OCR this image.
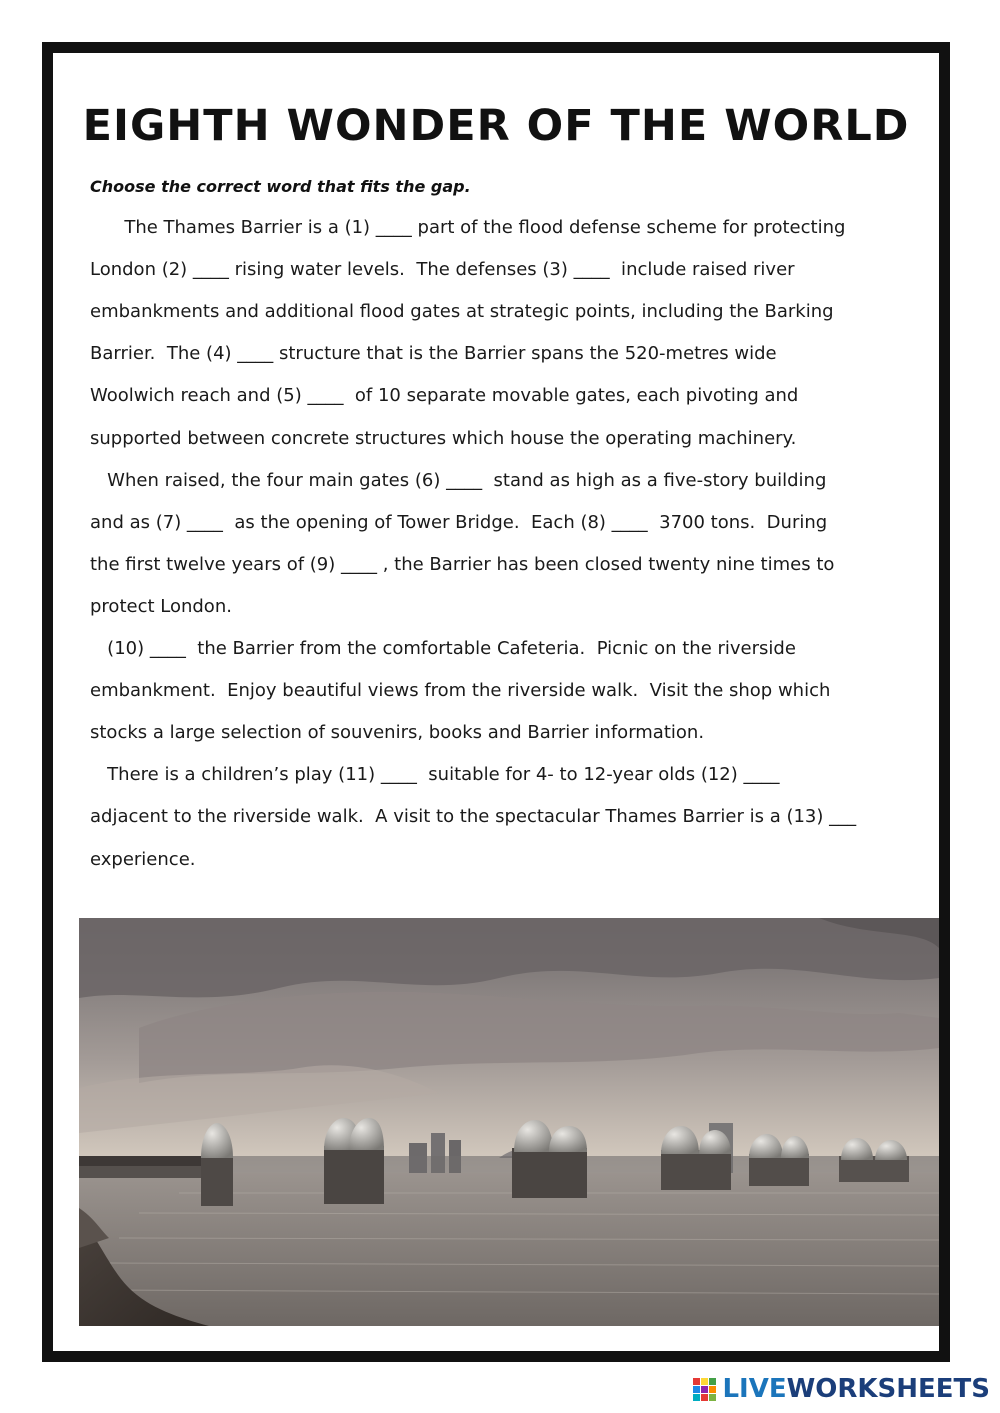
EIGHTH WONDER OF THE WORLD
Choose the correct word that fits the gap.
The Thames Barrier is a (1) ____ part of the flood defense scheme for protecting
London (2) ____ rising water levels.  The defenses (3) ____  include raised river
embankments and additional flood gates at strategic points, including the Barking
Barrier.  The (4) ____ structure that is the Barrier spans the 520-metres wide
Woolwich reach and (5) ____  of 10 separate movable gates, each pivoting and
supported between concrete structures which house the operating machinery.
When raised, the four main gates (6) ____  stand as high as a five-story building
and as (7) ____  as the opening of Tower Bridge.  Each (8) ____  3700 tons.  During
the first twelve years of (9) ____ , the Barrier has been closed twenty nine times to
protect London.
(10) ____  the Barrier from the comfortable Cafeteria.  Picnic on the riverside
embankment.  Enjoy beautiful views from the riverside walk.  Visit the shop which
stocks a large selection of souvenirs, books and Barrier information.
There is a children’s play (11) ____  suitable for 4- to 12-year olds (12) ____
adjacent to the riverside walk.  A visit to the spectacular Thames Barrier is a (13) ___
experience.
LIVEWORKSHEETS
